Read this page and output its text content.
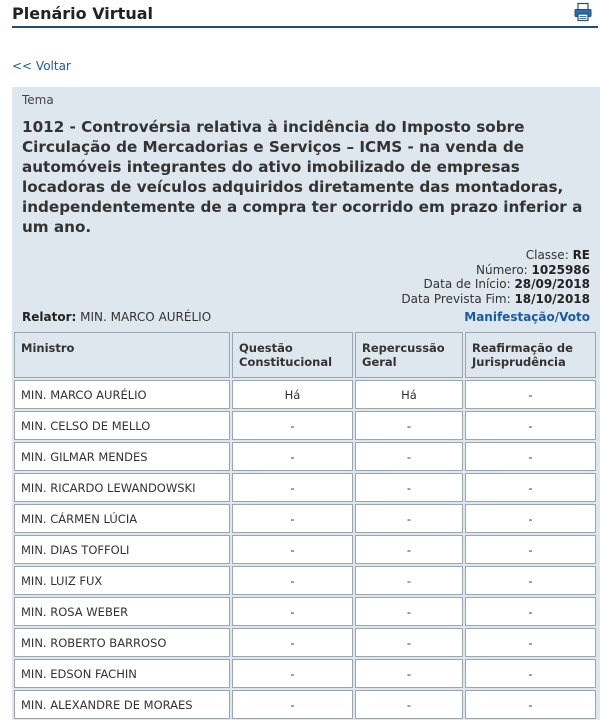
Plenário Virtual
<< Voltar
Tema
1012 - Controvérsia relativa à incidência do Imposto sobre Circulação de Mercadorias e Serviços – ICMS - na venda de automóveis integrantes do ativo imobilizado de empresas locadoras de veículos adquiridos diretamente das montadoras, independentemente de a compra ter ocorrido em prazo inferior a um ano.
Classe: RE
Número: 1025986
Data de Início: 28/09/2018
Data Prevista Fim: 18/10/2018
Relator: MIN. MARCO AURÉLIO	Manifestação/Voto
Ministro	Questão Constitucional	Repercussão Geral	Reafirmação de Jurisprudência
MIN. MARCO AURÉLIO	Há	Há	-
MIN. CELSO DE MELLO	-	-	-
MIN. GILMAR MENDES	-	-	-
MIN. RICARDO LEWANDOWSKI	-	-	-
MIN. CÁRMEN LÚCIA	-	-	-
MIN. DIAS TOFFOLI	-	-	-
MIN. LUIZ FUX	-	-	-
MIN. ROSA WEBER	-	-	-
MIN. ROBERTO BARROSO	-	-	-
MIN. EDSON FACHIN	-	-	-
MIN. ALEXANDRE DE MORAES	-	-	-
